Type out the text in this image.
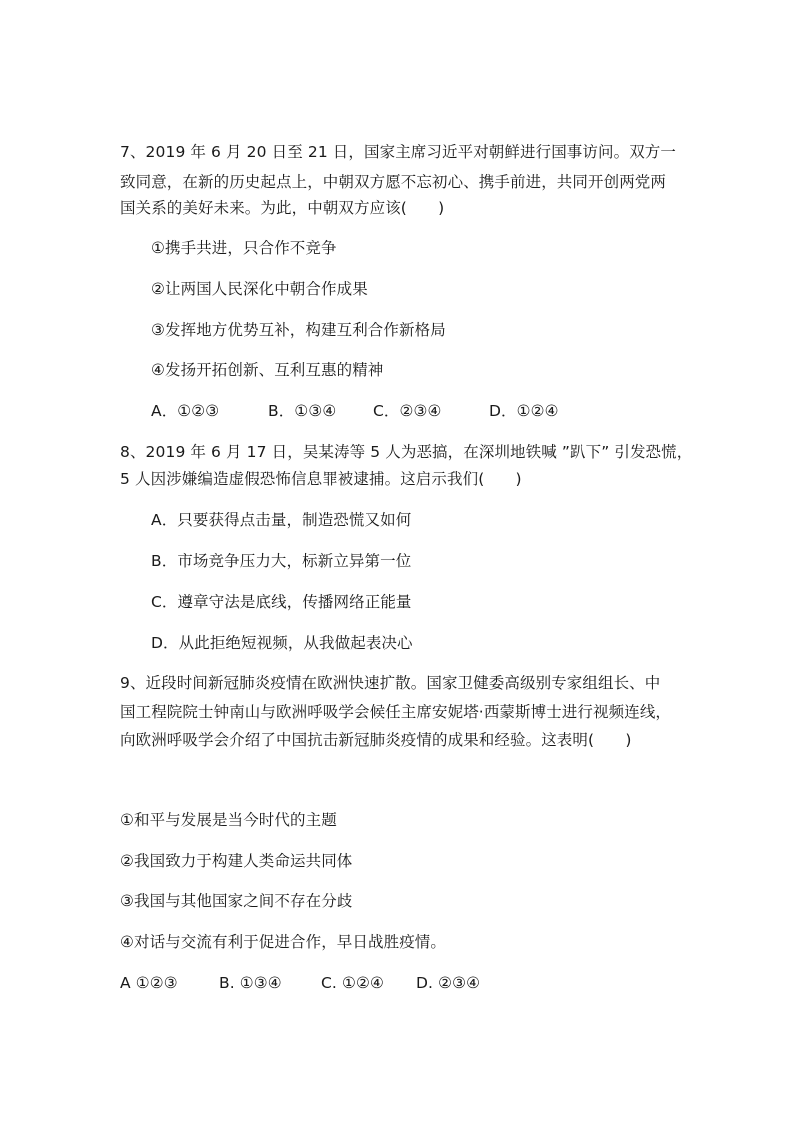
7、2019 年 6 月 20 日至 21 日，国家主席习近平对朝鲜进行国事访问。双方一
致同意，在新的历史起点上，中朝双方愿不忘初心、携手前进，共同开创两党两
国关系的美好未来。为此，中朝双方应该(　　)
①携手共进，只合作不竞争
②让两国人民深化中朝合作成果
③发挥地方优势互补，构建互利合作新格局
④发扬开拓创新、互利互惠的精神
A．①②③	B．①③④ C．②③④	D．①②④
8、2019 年 6 月 17 日，吴某涛等 5 人为恶搞，在深圳地铁喊 ”趴下” 引发恐慌，
5 人因涉嫌编造虚假恐怖信息罪被逮捕。这启示我们(　　)
A．只要获得点击量，制造恐慌又如何
B．市场竞争压力大，标新立异第一位
C．遵章守法是底线，传播网络正能量
D．从此拒绝短视频，从我做起表决心
9、近段时间新冠肺炎疫情在欧洲快速扩散。国家卫健委高级别专家组组长、中
国工程院院士钟南山与欧洲呼吸学会候任主席安妮塔·西蒙斯博士进行视频连线，
向欧洲呼吸学会介绍了中国抗击新冠肺炎疫情的成果和经验。这表明(　　)
①和平与发展是当今时代的主题
②我国致力于构建人类命运共同体
③我国与其他国家之间不存在分歧
④对话与交流有利于促进合作，早日战胜疫情。
A ①②③	B. ①③④	C. ①②④ D. ②③④
